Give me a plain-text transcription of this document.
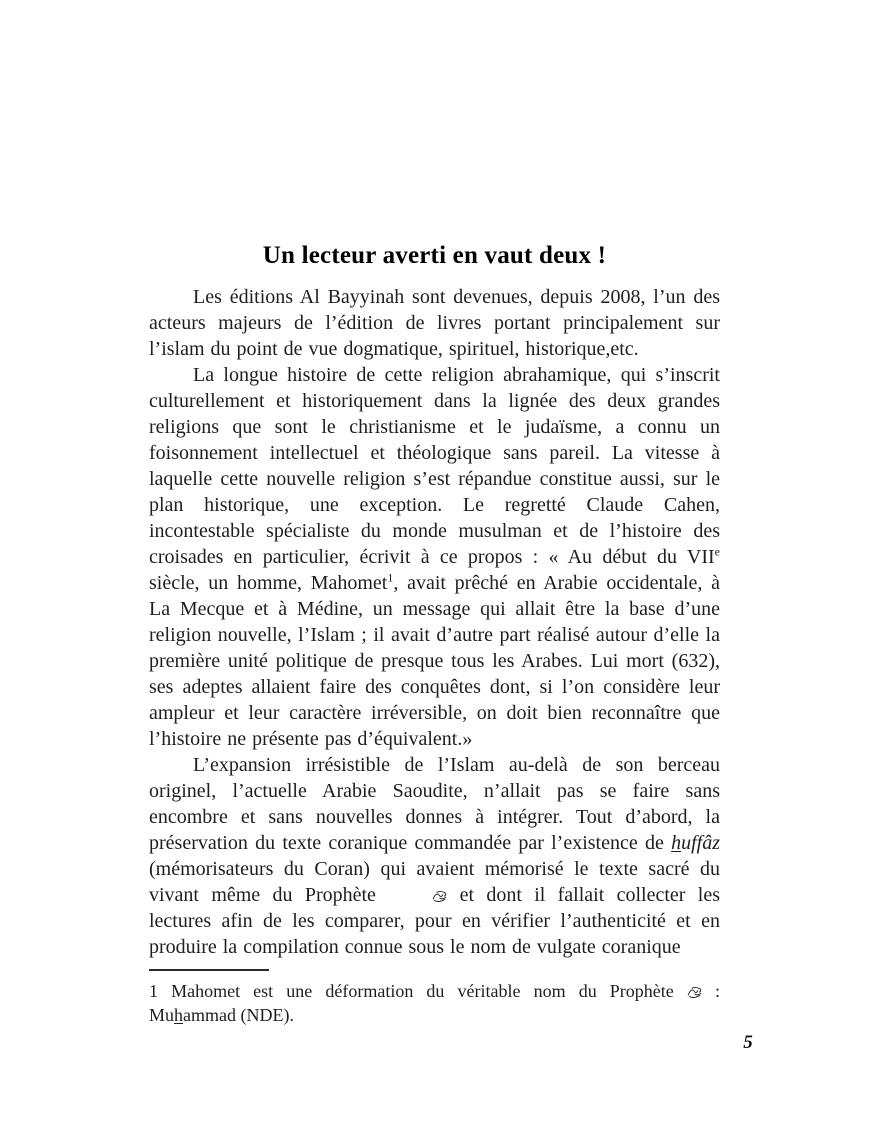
Un lecteur averti en vaut deux !

Les éditions Al Bayyinah sont devenues, depuis 2008, l’un des acteurs majeurs de l’édition de livres portant principalement sur l’islam du point de vue dogmatique, spirituel, historique,etc.

La longue histoire de cette religion abrahamique, qui s’inscrit culturellement et historiquement dans la lignée des deux grandes religions que sont le christianisme et le judaïsme, a connu un foisonnement intellectuel et théologique sans pareil. La vitesse à laquelle cette nouvelle religion s’est répandue constitue aussi, sur le plan historique, une exception. Le regretté Claude Cahen, incontestable spécialiste du monde musulman et de l’histoire des croisades en particulier, écrivit à ce propos : « Au début du VIIe siècle, un homme, Mahomet$^1$, avait prêché en Arabie occidentale, à La Mecque et à Médine, un message qui allait être la base d’une religion nouvelle, l’Islam ; il avait d’autre part réalisé autour d’elle la première unité politique de presque tous les Arabes. Lui mort (632), ses adeptes allaient faire des conquêtes dont, si l’on considère leur ampleur et leur caractère irréversible, on doit bien reconnaître que l’histoire ne présente pas d’équivalent.»

L’expansion irrésistible de l’Islam au-delà de son berceau originel, l’actuelle Arabie Saoudite, n’allait pas se faire sans encombre et sans nouvelles donnes à intégrer. Tout d’abord, la préservation du texte coranique commandée par l’existence de huffâz (mémorisateurs du Coran) qui avaient mémorisé le texte sacré du vivant même du Prophète	et dont il fallait collecter les lectures afin de les comparer, pour en vérifier l’authenticité et en produire la compilation connue sous le nom de vulgate coranique

1 Mahomet est une déformation du véritable nom du Prophète  :

Muhammad (NDE).

5
